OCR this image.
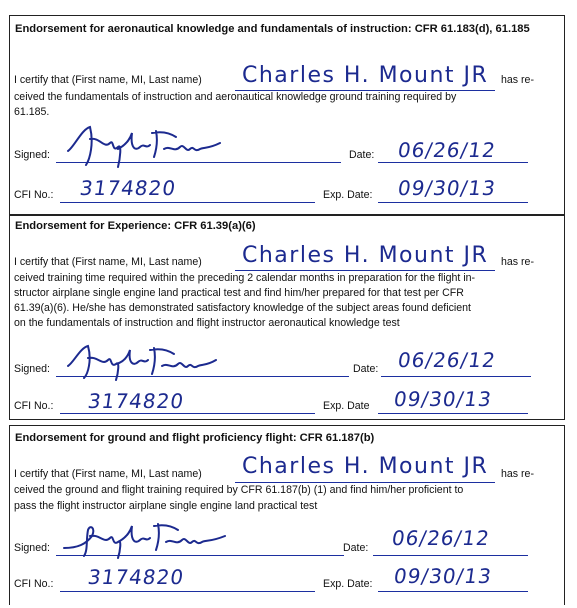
Endorsement for aeronautical knowledge and fundamentals of instruction: CFR 61.183(d), 61.185
I certify that (First name, MI, Last name) Charles H. Mount JR has re-
ceived the fundamentals of instruction and aeronautical knowledge ground training required by
61.185.
Signed:	Date: 06/26/12
CFI No.: 3174820	Exp. Date: 09/30/13
Endorsement for Experience: CFR 61.39(a)(6)
I certify that (First name, MI, Last name) Charles H. Mount JR has re-
ceived training time required within the preceding 2 calendar months in preparation for the flight in-
structor airplane single engine land practical test and find him/her prepared for that test per CFR
61.39(a)(6). He/she has demonstrated satisfactory knowledge of the subject areas found deficient
on the fundamentals of instruction and flight instructor aeronautical knowledge test
Signed:	Date: 06/26/12
CFI No.: 3174820	Exp. Date 09/30/13
Endorsement for ground and flight proficiency flight: CFR 61.187(b)
I certify that (First name, MI, Last name) Charles H. Mount JR has re-
ceived the ground and flight training required by CFR 61.187(b) (1) and find him/her proficient to
pass the flight instructor airplane single engine land practical test
Signed:	Date: 06/26/12
CFI No.: 3174820	Exp. Date: 09/30/13
